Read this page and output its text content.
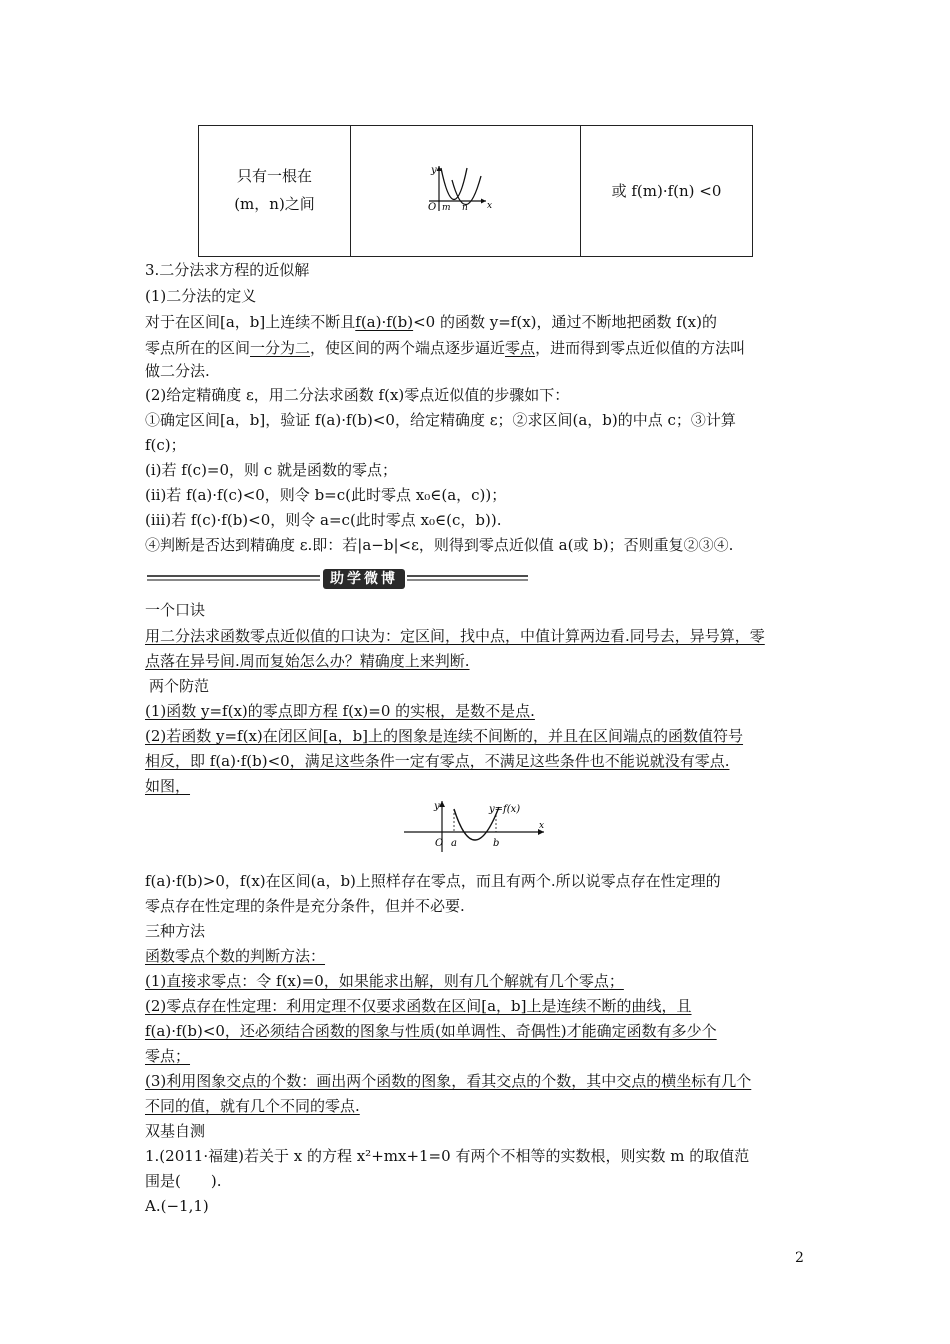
只有一根在
(m，n)之间
y
O m n x
或 f(m)·f(n) <0
3.二分法求方程的近似解
(1)二分法的定义
对于在区间[a，b]上连续不断且f(a)·f(b)<0 的函数 y=f(x)，通过不断地把函数 f(x)的
零点所在的区间一分为二，使区间的两个端点逐步逼近零点，进而得到零点近似值的方法叫
做二分法.
(2)给定精确度 ε，用二分法求函数 f(x)零点近似值的步骤如下：
①确定区间[a，b]，验证 f(a)·f(b)<0，给定精确度 ε；②求区间(a，b)的中点 c；③计算
f(c)；
(ⅰ)若 f(c)=0，则 c 就是函数的零点；
(ⅱ)若 f(a)·f(c)<0，则令 b=c(此时零点 x₀∈(a，c))；
(ⅲ)若 f(c)·f(b)<0，则令 a=c(此时零点 x₀∈(c，b)).
④判断是否达到精确度 ε.即：若|a−b|<ε，则得到零点近似值 a(或 b)；否则重复②③④.
助学微博
一个口诀
用二分法求函数零点近似值的口诀为：定区间，找中点，中值计算两边看.同号去，异号算，零
点落在异号间.周而复始怎么办？精确度上来判断.
两个防范
(1)函数 y=f(x)的零点即方程 f(x)=0 的实根，是数不是点.
(2)若函数 y=f(x)在闭区间[a，b]上的图象是连续不间断的，并且在区间端点的函数值符号
相反，即 f(a)·f(b)<0，满足这些条件一定有零点，不满足这些条件也不能说就没有零点.
如图，
y	y=f(x)
O a	b
x
f(a)·f(b)>0，f(x)在区间(a，b)上照样存在零点，而且有两个.所以说零点存在性定理的
零点存在性定理的条件是充分条件，但并不必要.
三种方法
函数零点个数的判断方法：
(1)直接求零点：令 f(x)=0，如果能求出解，则有几个解就有几个零点；
(2)零点存在性定理：利用定理不仅要求函数在区间[a，b]上是连续不断的曲线，且
f(a)·f(b)<0，还必须结合函数的图象与性质(如单调性、奇偶性)才能确定函数有多少个
零点；
(3)利用图象交点的个数：画出两个函数的图象，看其交点的个数，其中交点的横坐标有几个
不同的值，就有几个不同的零点.
双基自测
1.(2011·福建)若关于 x 的方程 x²+mx+1=0 有两个不相等的实数根，则实数 m 的取值范
围是(　　).
A.(−1,1)
2
